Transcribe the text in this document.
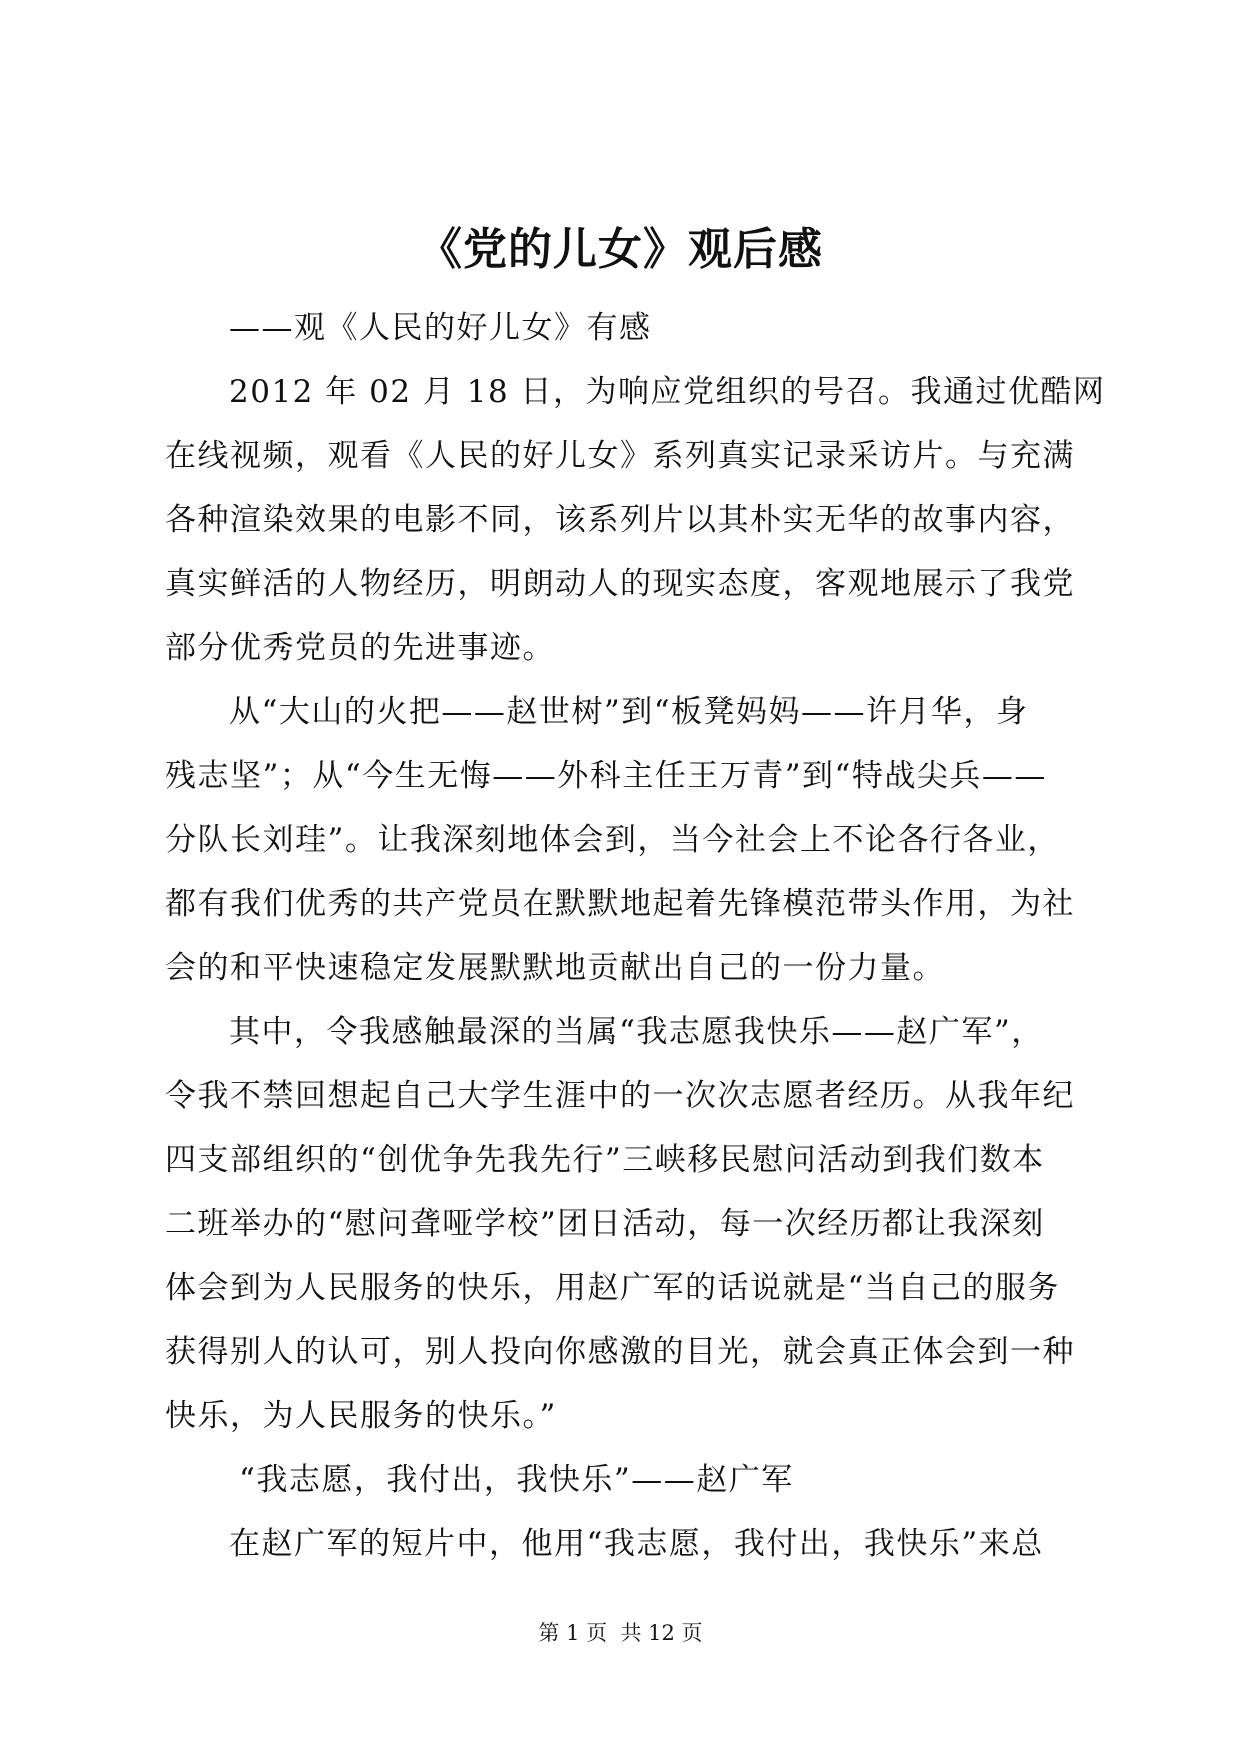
《党的儿女》观后感
——观《人民的好儿女》有感
2012 年 02 月 18 日，为响应党组织的号召。我通过优酷网
在线视频，观看《人民的好儿女》系列真实记录采访片。与充满
各种渲染效果的电影不同，该系列片以其朴实无华的故事内容，
真实鲜活的人物经历，明朗动人的现实态度，客观地展示了我党
部分优秀党员的先进事迹。
从“大山的火把——赵世树”到“板凳妈妈——许月华，身
残志坚”；从“今生无悔——外科主任王万青”到“特战尖兵——
分队长刘珪”。让我深刻地体会到，当今社会上不论各行各业，
都有我们优秀的共产党员在默默地起着先锋模范带头作用，为社
会的和平快速稳定发展默默地贡献出自己的一份力量。
其中，令我感触最深的当属“我志愿我快乐——赵广军”，
令我不禁回想起自己大学生涯中的一次次志愿者经历。从我年纪
四支部组织的“创优争先我先行”三峡移民慰问活动到我们数本
二班举办的“慰问聋哑学校”团日活动，每一次经历都让我深刻
体会到为人民服务的快乐，用赵广军的话说就是“当自己的服务
获得别人的认可，别人投向你感激的目光，就会真正体会到一种
快乐，为人民服务的快乐。”
“我志愿，我付出，我快乐”——赵广军
在赵广军的短片中，他用“我志愿，我付出，我快乐”来总
第 1 页  共 12 页
